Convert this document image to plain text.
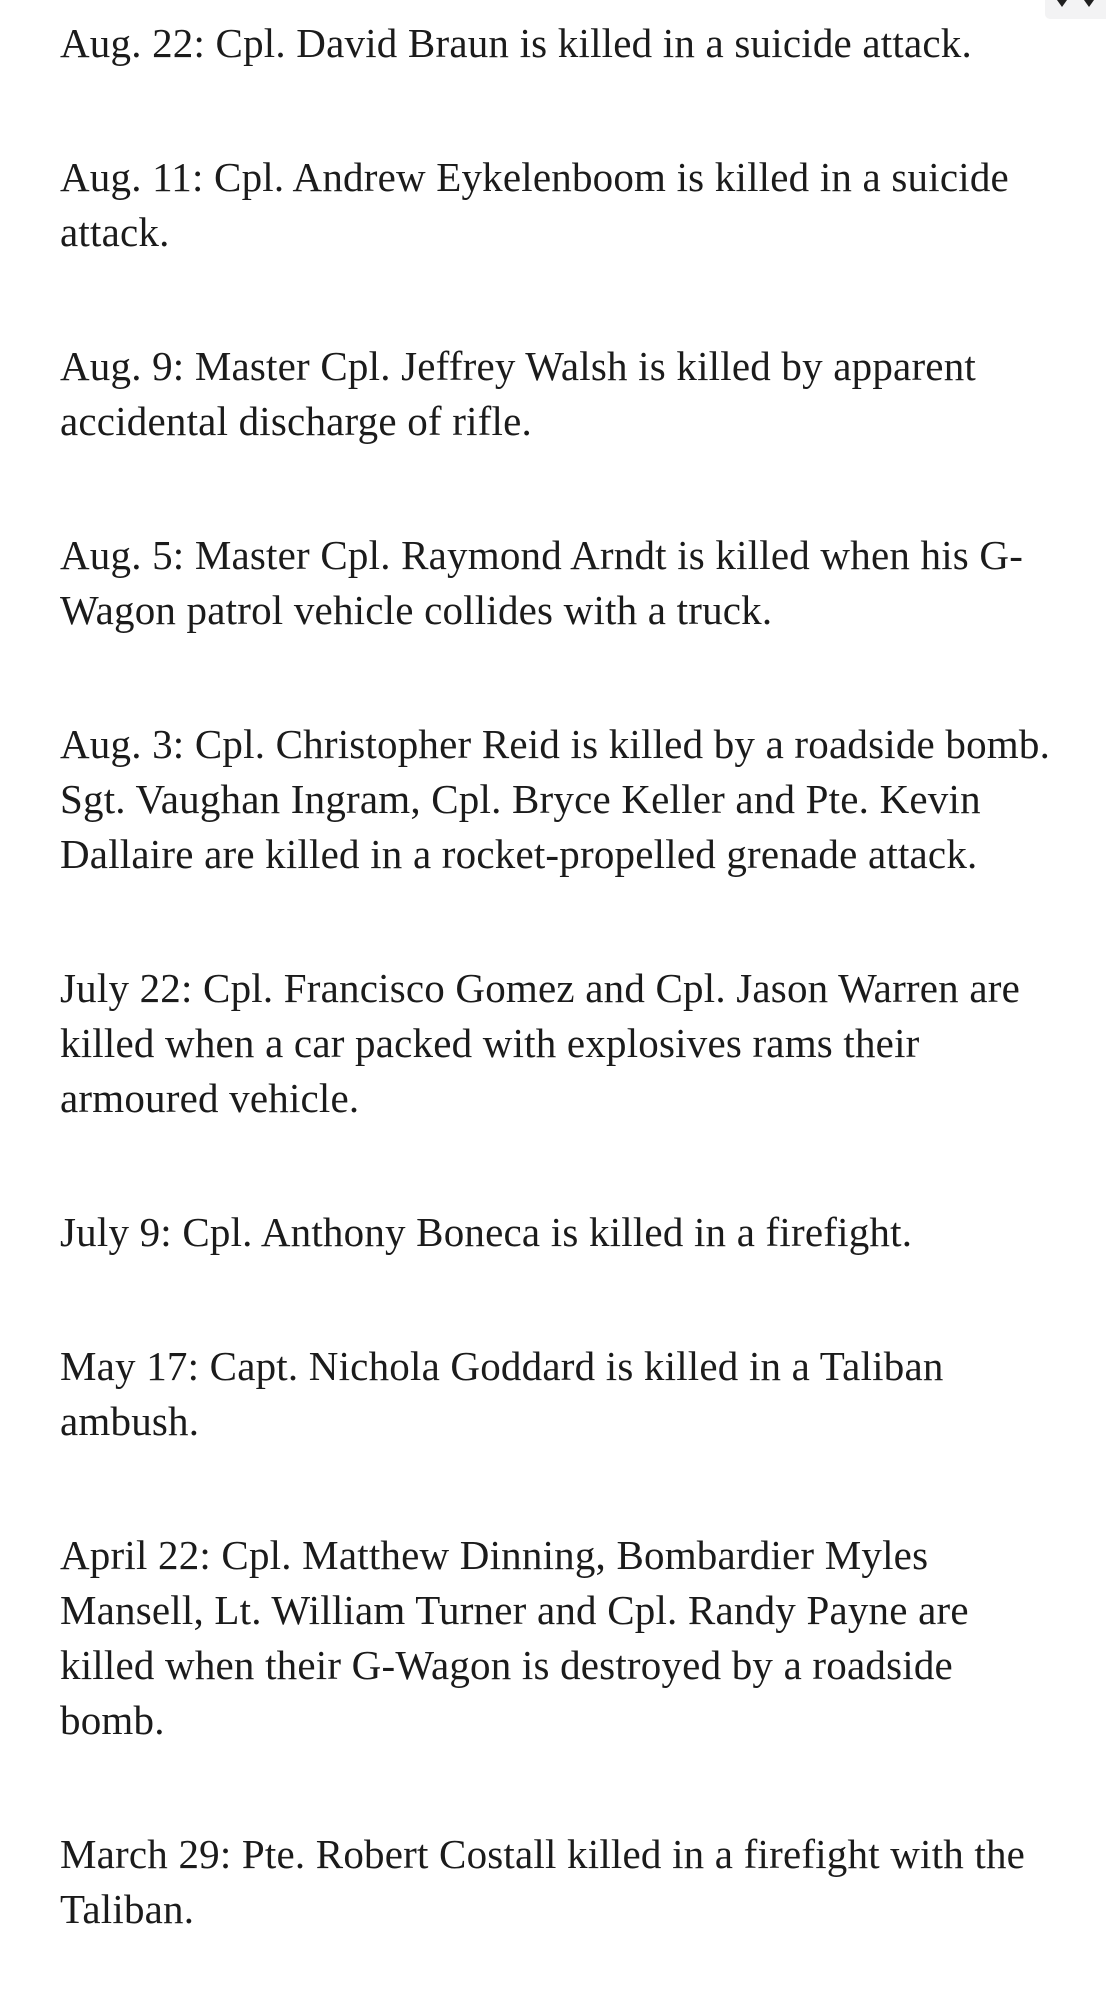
Aug. 22: Cpl. David Braun is killed in a suicide attack.

Aug. 11: Cpl. Andrew Eykelenboom is killed in a suicide attack.

Aug. 9: Master Cpl. Jeffrey Walsh is killed by apparent accidental discharge of rifle.

Aug. 5: Master Cpl. Raymond Arndt is killed when his G-Wagon patrol vehicle collides with a truck.

Aug. 3: Cpl. Christopher Reid is killed by a roadside bomb. Sgt. Vaughan Ingram, Cpl. Bryce Keller and Pte. Kevin Dallaire are killed in a rocket-propelled grenade attack.

July 22: Cpl. Francisco Gomez and Cpl. Jason Warren are killed when a car packed with explosives rams their armoured vehicle.

July 9: Cpl. Anthony Boneca is killed in a firefight.

May 17: Capt. Nichola Goddard is killed in a Taliban ambush.

April 22: Cpl. Matthew Dinning, Bombardier Myles Mansell, Lt. William Turner and Cpl. Randy Payne are killed when their G-Wagon is destroyed by a roadside bomb.

March 29: Pte. Robert Costall killed in a firefight with the Taliban.
